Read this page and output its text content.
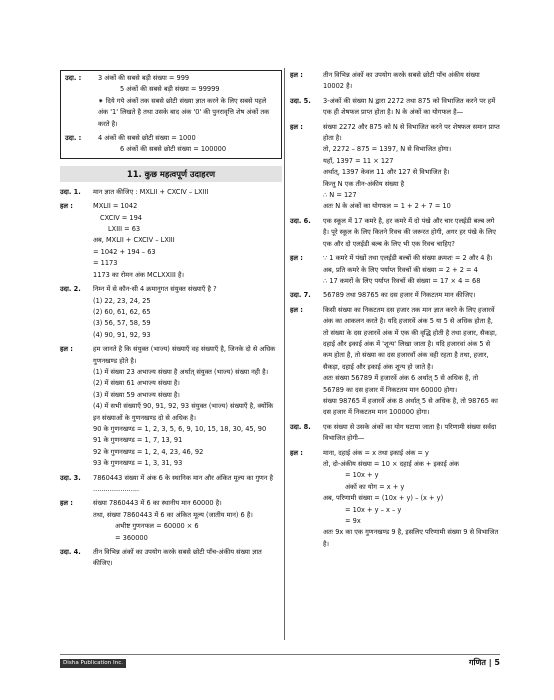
उदा. :	3 अंकों की सबसे बड़ी संख्या = 999
5 अंकों की सबसे बड़ी संख्या = 99999
⁕ दिये गये अंकों तक सबसे छोटी संख्या ज्ञात करने के लिए सबसे पहले अंक '1' लिखते है तथा उसके बाद अंक '0' की पुनरावृत्ति शेष अंकों तक करते है।
उदा. :	4 अंकों की सबसे छोटी संख्या = 1000
6 अंकों की सबसे छोटी संख्या = 100000
11. कुछ महत्वपूर्ण उदाहरण
उदा. 1.	मान ज्ञात कीजिए : MXLII + CXCIV – LXIII
हल :	MXLII = 1042
CXCIV = 194
LXIII = 63
अब, MXLII + CXCIV – LXIII
= 1042 + 194 – 63
= 1173
1173 का रोमन अंक MCLXXIII है।
उदा. 2.	निम्न में से कौन-सी 4 क्रमानुगत संयुक्त संख्याएँ है ?
(1) 22, 23, 24, 25
(2) 60, 61, 62, 65
(3) 56, 57, 58, 59
(4) 90, 91, 92, 93
हल :	हम जानते है कि संयुक्त (भाज्य) संख्याएँ वह संख्याएँ है, जिनके दो से अधिक गुणनखण्ड होते है।
(1) में संख्या 23 अभाज्य संख्या है अर्थात् संयुक्त (भाज्य) संख्या नही है।
(2) में संख्या 61 अभाज्य संख्या है।
(3) में संख्या 59 अभाज्य संख्या है।
(4) में सभी संख्याएँ 90, 91, 92, 93 संयुक्त (भाज्य) संख्याएँ है, क्योंकि इन संख्याओं के गुणनखण्ड दो से अधिक है।
90 के गुणनखण्ड = 1, 2, 3, 5, 6, 9, 10, 15, 18, 30, 45, 90
91 के गुणनखण्ड = 1, 7, 13, 91
92 के गुणनखण्ड = 1, 2, 4, 23, 46, 92
93 के गुणनखण्ड = 1, 3, 31, 93
उदा. 3.	7860443 संख्या में अंक 6 के स्थानिक मान और अंकित मूल्य का गुणन है ......................
हल :	संख्या 7860443 में 6 का स्थानीय मान 60000 है।
तथा, संख्या 7860443 में 6 का अंकित मूल्य (जातीय मान) 6 है।
अभीष्ट गुणनफल = 60000 × 6
= 360000
उदा. 4.	तीन विभिन्न अंकों का उपयोग करके सबसे छोटी पाँच-अंकीय संख्या ज्ञात कीजिए।
हल :	तीन विभिन्न अंकों का उपयोग करके सबसे छोटी पाँच अंकीय संख्या 10002 है।
उदा. 5.	3-अंकों की संख्या N द्वारा 2272 तथा 875 को विभाजित करने पर हमें एक ही शेषफल प्राप्त होता है। N के अंकों का योगफल है—
हल :	संख्या 2272 और 875 को N से विभाजित करने पर शेषफल समान प्राप्त होता है।
तो, 2272 – 875 = 1397, N से विभाजित होगा।
यहाँ, 1397 = 11 × 127
अर्थात्, 1397 केवल 11 और 127 से विभाजित है।
किन्तु N एक तीन-अंकीय संख्या है
∴ N = 127
अतः N के अंकों का योगफल = 1 + 2 + 7 = 10
उदा. 6.	एक स्कूल में 17 कमरे है, हर कमरे में दो पंखे और चार एलईडी बल्ब लगे है। पूरे स्कूल के लिए कितने रिवच की जरूरत होगी, अगर हर पंखे के लिए एक और दो एलईडी बल्ब के लिए भी एक रिवच चाहिए?
हल :	∵ 1 कमरे में पंखों तथा एलईडी बल्बों की संख्या क्रमशः = 2 और 4 है।
अब, प्रति कमरे के लिए पर्याप्त रिवचों की संख्या = 2 + 2 = 4
∴ 17 कमरों के लिए पर्याप्त रिवचों की संख्या = 17 × 4 = 68
उदा. 7.	56789 तथा 98765 का दस हजार में निकटतम मान कीजिए।
हल :	किसी संख्या का निकटतम दस हजार तक मान ज्ञात करने के लिए हजारवें अंक का आकलन करते है। यदि हजारवें अंक 5 या 5 से अधिक होता है, तो संख्या के दस हजारवें अंक में एक की वृद्धि होती है तथा हजार, सैकड़ा, दहाई और इकाई अंक में 'शून्य' लिखा जाता है। यदि हजारवां अंक 5 से कम होता है, तो संख्या का दस हजारवाँ अंक वही रहता है तथा, हजार, सैकड़ा, दहाई और इकाई अंक शून्य हो जाते है।
अतः संख्या 56789 में हजारवें अंक 6 अर्थात् 5 से अधिक है, तो 56789 का दस हजार में निकटतम मान 60000 होगा।
संख्या 98765 में हजारवें अंक 8 अर्थात् 5 से अधिक है, तो 98765 का दस हजार में निकटतम मान 100000 होगा।
उदा. 8.	एक संख्या से उसके अंकों का योग घटाया जाता है। परिणामी संख्या सर्वदा विभाजित होगी—
हल :	माना, दहाई अंक = x तथा इकाई अंक = y
तो, दो-अंकीय संख्या = 10 × दहाई अंक + इकाई अंक
= 10x + y
अंकों का योग = x + y
अब, परिणामी संख्या = (10x + y) – (x + y)
= 10x + y – x – y
= 9x
अतः 9x का एक गुणनखण्ड 9 है, इसलिए परिणामी संख्या 9 से विभाजित है।
Disha Publication Inc.	गणित | 5
